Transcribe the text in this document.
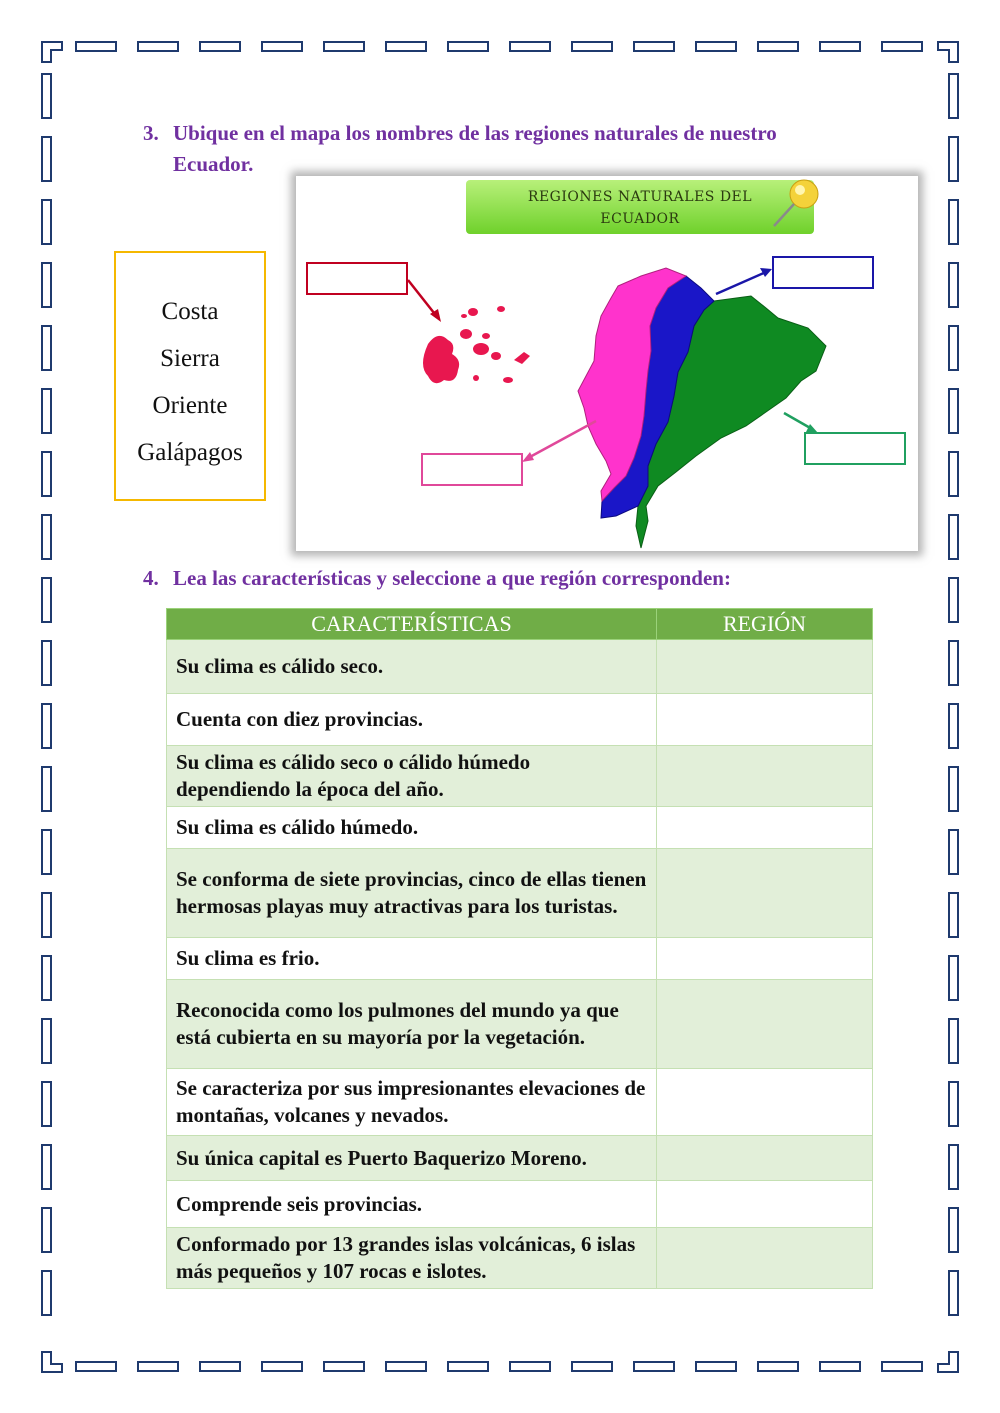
3. Ubique en el mapa los nombres de las regiones naturales de nuestro
Ecuador.
Costa
Sierra
Oriente
Galápagos
REGIONES NATURALES DEL
ECUADOR
4. Lea las características y seleccione a que región corresponden:
CARACTERÍSTICAS	REGIÓN
Su clima es cálido seco.	
Cuenta con diez provincias.	
Su clima es cálido seco o cálido húmedo dependiendo la época del año.	
Su clima es cálido húmedo.	
Se conforma de siete provincias, cinco de ellas tienen hermosas playas muy atractivas para los turistas.	
Su clima es frio.	
Reconocida como los pulmones del mundo ya que está cubierta en su mayoría por la vegetación.	
Se caracteriza por sus impresionantes elevaciones de montañas, volcanes y nevados.	
Su única capital es Puerto Baquerizo Moreno.	
Comprende seis provincias.	
Conformado por 13 grandes islas volcánicas, 6 islas más pequeños y 107 rocas e islotes.	
